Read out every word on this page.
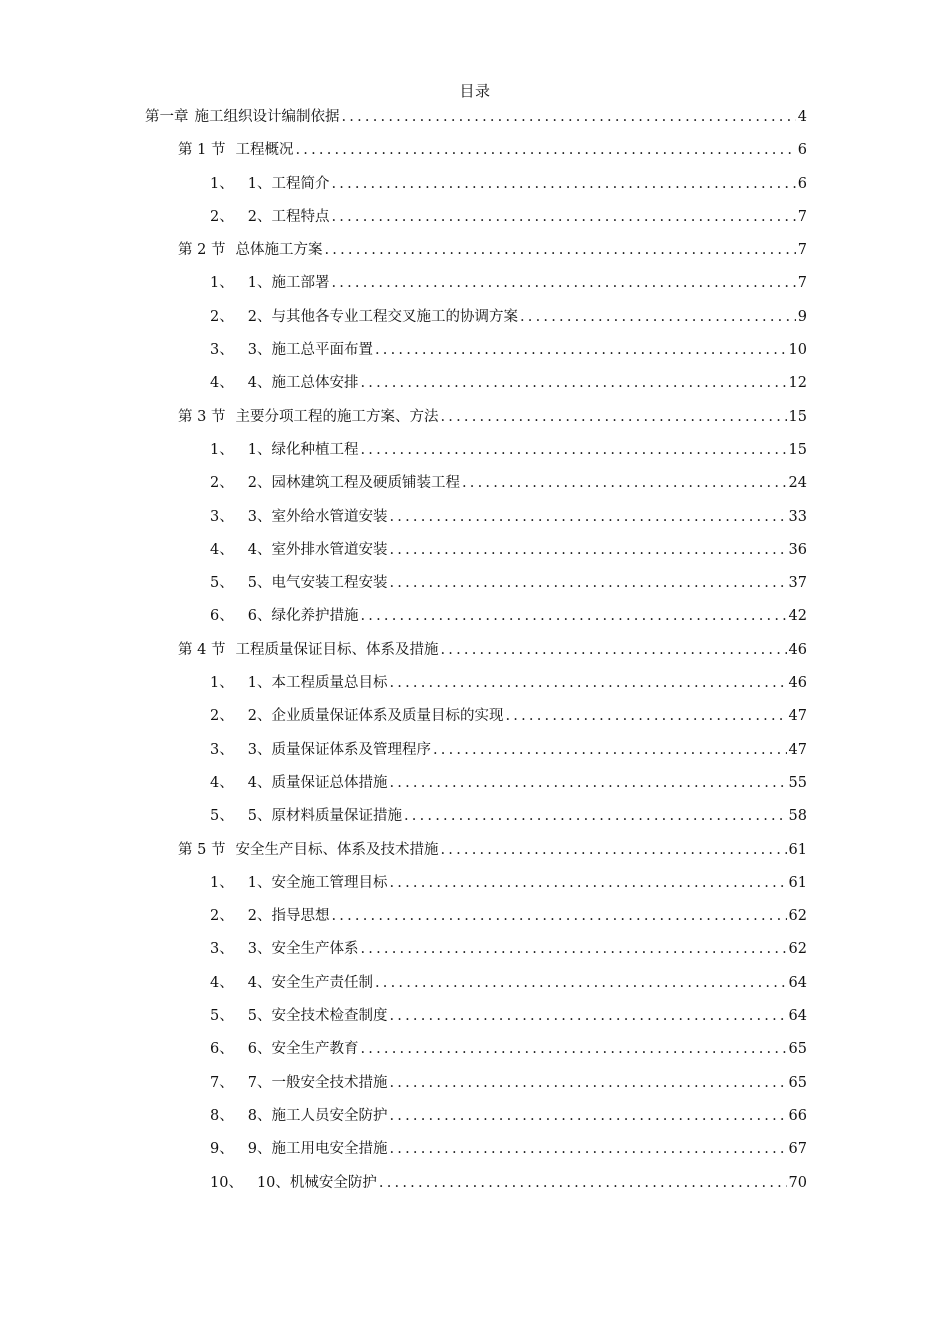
目录
第一章 施工组织设计编制依据 .....	4
第 1 节 工程概况 .....	6
1、 1、工程简介 .....	6
2、 2、工程特点 .....	7
第 2 节 总体施工方案 .....	7
1、 1、施工部署 .....	7
2、 2、与其他各专业工程交叉施工的协调方案 .....	9
3、 3、施工总平面布置 .....	10
4、 4、施工总体安排 .....	12
第 3 节 主要分项工程的施工方案、方法 .....	15
1、 1、绿化种植工程 .....	15
2、 2、园林建筑工程及硬质铺装工程 .....	24
3、 3、室外给水管道安装 .....	33
4、 4、室外排水管道安装 .....	36
5、 5、电气安装工程安装 .....	37
6、 6、绿化养护措施 .....	42
第 4 节 工程质量保证目标、体系及措施 .....	46
1、 1、本工程质量总目标 .....	46
2、 2、企业质量保证体系及质量目标的实现 .....	47
3、 3、质量保证体系及管理程序 .....	47
4、 4、质量保证总体措施 .....	55
5、 5、原材料质量保证措施 .....	58
第 5 节 安全生产目标、体系及技术措施 .....	61
1、 1、安全施工管理目标 .....	61
2、 2、指导思想 .....	62
3、 3、安全生产体系 .....	62
4、 4、安全生产责任制 .....	64
5、 5、安全技术检查制度 .....	64
6、 6、安全生产教育 .....	65
7、 7、一般安全技术措施 .....	65
8、 8、施工人员安全防护 .....	66
9、 9、施工用电安全措施 .....	67
10、 10、机械安全防护 .....	70
